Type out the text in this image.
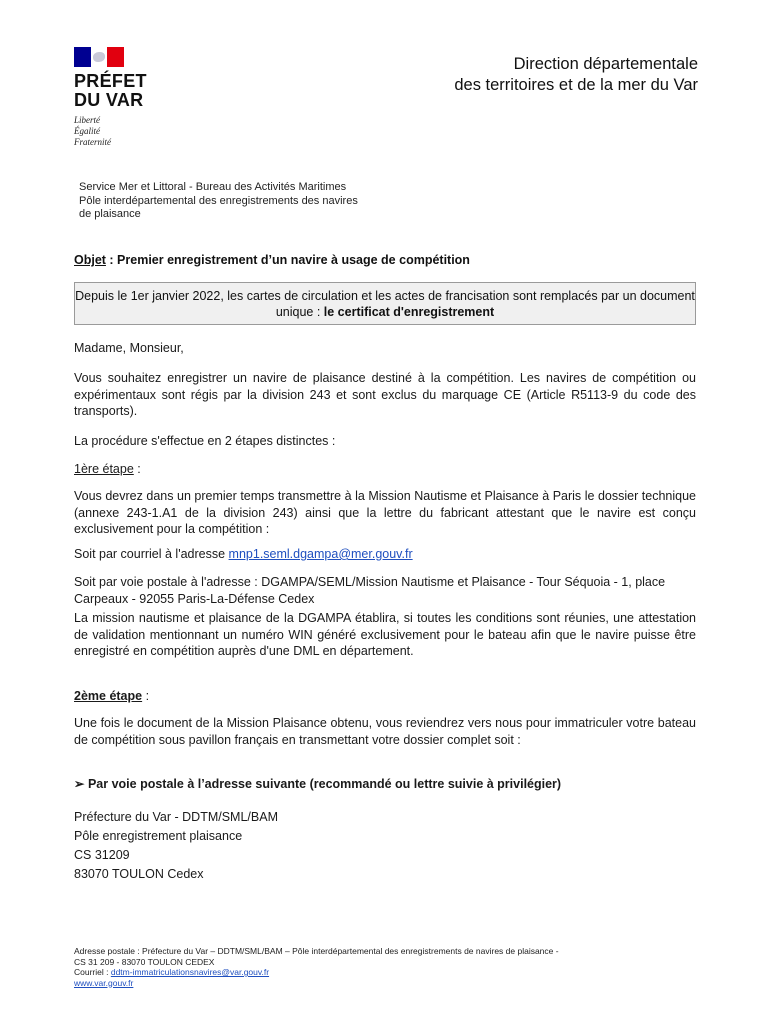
PRÉFET
DU VAR
Liberté
Égalité
Fraternité
Direction départementale
des territoires et de la mer du Var
Service Mer et Littoral - Bureau des Activités Maritimes
Pôle interdépartemental des enregistrements des navires
de plaisance
Objet : Premier enregistrement d’un navire à usage de compétition
Depuis le 1er janvier 2022, les cartes de circulation et les actes de francisation sont remplacés par un document unique : le certificat d'enregistrement
Madame, Monsieur,
Vous souhaitez enregistrer un navire de plaisance destiné à la compétition. Les navires de compétition ou expérimentaux sont régis par la division 243 et sont exclus du marquage CE (Article R5113-9 du code des transports).
La procédure s'effectue en 2 étapes distinctes :
1ère étape :
Vous devrez dans un premier temps transmettre à la Mission Nautisme et Plaisance à Paris le dossier technique (annexe 243-1.A1 de la division 243) ainsi que la lettre du fabricant attestant que le navire est conçu exclusivement pour la compétition :
Soit par courriel à l'adresse mnp1.seml.dgampa@mer.gouv.fr
Soit par voie postale à l'adresse : DGAMPA/SEML/Mission Nautisme et Plaisance - Tour Séquoia - 1, place Carpeaux - 92055 Paris-La-Défense Cedex
La mission nautisme et plaisance de la DGAMPA établira, si toutes les conditions sont réunies, une attestation de validation mentionnant un numéro WIN généré exclusivement pour le bateau afin que le navire puisse être enregistré en compétition auprès d'une DML en département.
2ème étape :
Une fois le document de la Mission Plaisance obtenu, vous reviendrez vers nous pour immatriculer votre bateau de compétition sous pavillon français en transmettant votre dossier complet soit :
➢ Par voie postale à l’adresse suivante (recommandé ou lettre suivie à privilégier)
Préfecture du Var - DDTM/SML/BAM
Pôle enregistrement plaisance
CS 31209
83070 TOULON Cedex
Adresse postale : Préfecture du Var – DDTM/SML/BAM – Pôle interdépartemental des enregistrements de navires de plaisance -
CS 31 209 - 83070 TOULON CEDEX
Courriel : ddtm-immatriculationsnavires@var.gouv.fr
www.var.gouv.fr
